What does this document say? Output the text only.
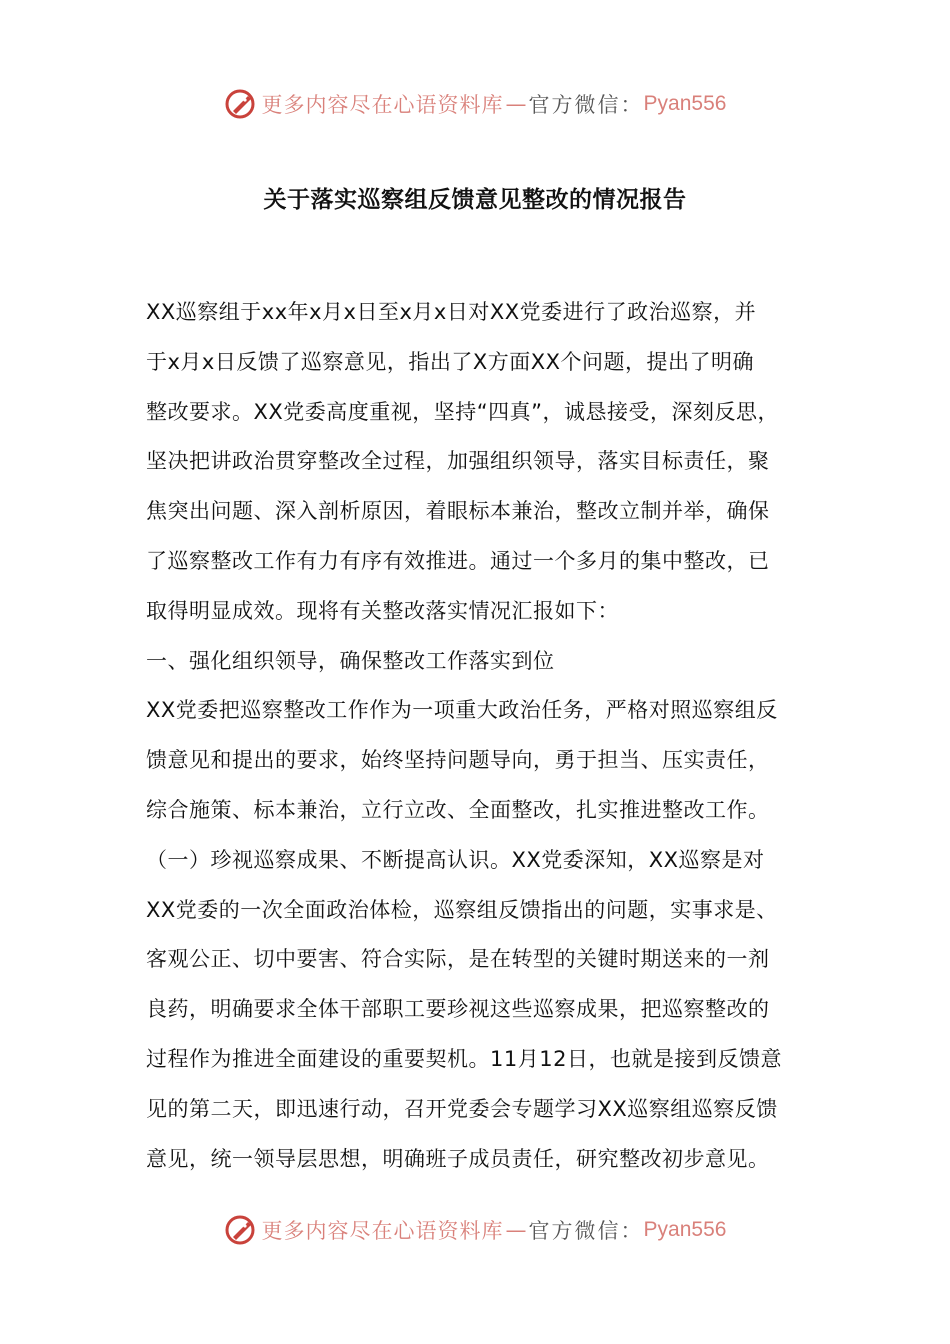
更多内容尽在心语资料库 — 官方微信： Pyan556
关于落实巡察组反馈意见整改的情况报告
XX巡察组于xx年x月x日至x月x日对XX党委进行了政治巡察，并
于x月x日反馈了巡察意见，指出了X方面XX个问题，提出了明确
整改要求。XX党委高度重视，坚持“四真”，诚恳接受，深刻反思，
坚决把讲政治贯穿整改全过程，加强组织领导，落实目标责任，聚
焦突出问题、深入剖析原因，着眼标本兼治，整改立制并举，确保
了巡察整改工作有力有序有效推进。通过一个多月的集中整改，已
取得明显成效。现将有关整改落实情况汇报如下：
一、强化组织领导，确保整改工作落实到位
XX党委把巡察整改工作作为一项重大政治任务，严格对照巡察组反
馈意见和提出的要求，始终坚持问题导向，勇于担当、压实责任，
综合施策、标本兼治，立行立改、全面整改，扎实推进整改工作。
（一）珍视巡察成果、不断提高认识。XX党委深知，XX巡察是对
XX党委的一次全面政治体检，巡察组反馈指出的问题，实事求是、
客观公正、切中要害、符合实际，是在转型的关键时期送来的一剂
良药，明确要求全体干部职工要珍视这些巡察成果，把巡察整改的
过程作为推进全面建设的重要契机。11月12日，也就是接到反馈意
见的第二天，即迅速行动，召开党委会专题学习XX巡察组巡察反馈
意见，统一领导层思想，明确班子成员责任，研究整改初步意见。
更多内容尽在心语资料库 — 官方微信： Pyan556
